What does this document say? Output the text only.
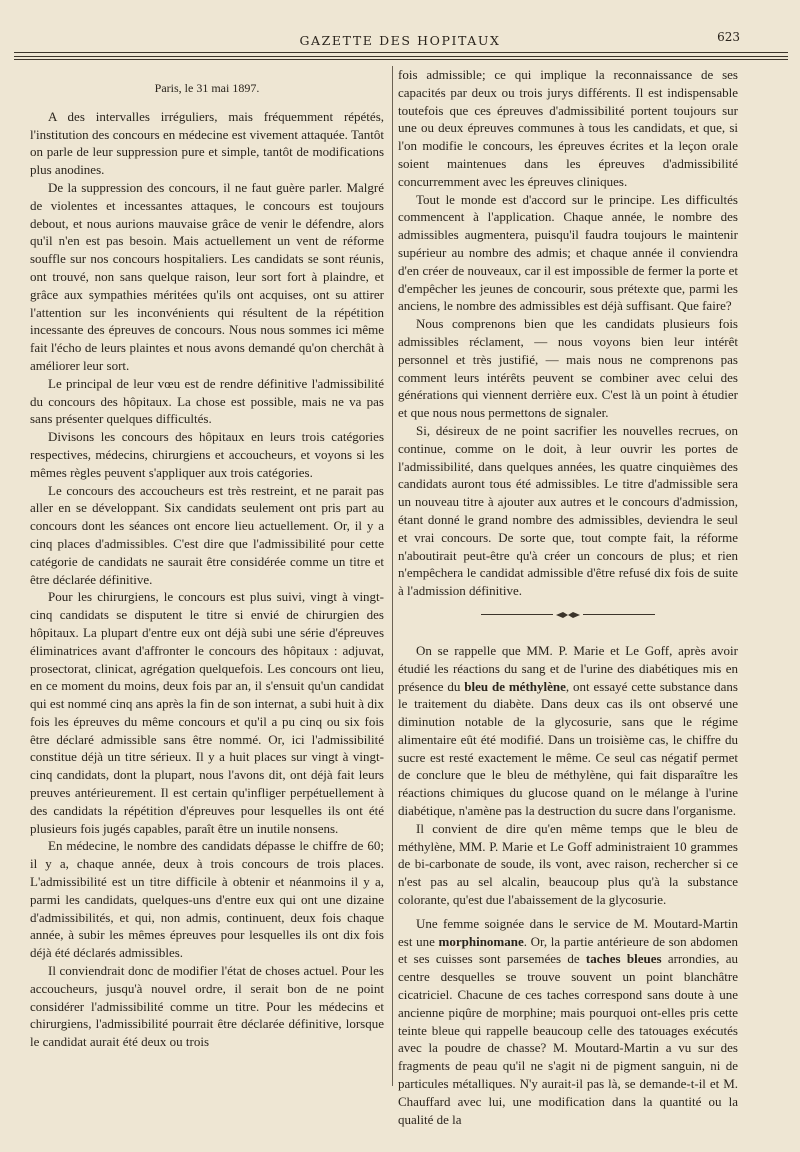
GAZETTE DES HOPITAUX	623

Paris, le 31 mai 1897.

A des intervalles irréguliers, mais fréquemment répétés, l'institution des concours en médecine est vivement attaquée. Tantôt on parle de leur suppression pure et simple, tantôt de modifications plus anodines.

De la suppression des concours, il ne faut guère parler. Malgré de violentes et incessantes attaques, le concours est toujours debout, et nous aurions mauvaise grâce de venir le défendre, alors qu'il n'en est pas besoin. Mais actuellement un vent de réforme souffle sur nos concours hospitaliers. Les candidats se sont réunis, ont trouvé, non sans quelque raison, leur sort fort à plaindre, et grâce aux sympathies méritées qu'ils ont acquises, ont su attirer l'attention sur les inconvénients qui résultent de la répétition incessante des épreuves de concours. Nous nous sommes ici même fait l'écho de leurs plaintes et nous avons demandé qu'on cherchât à améliorer leur sort.

Le principal de leur vœu est de rendre définitive l'admissibilité du concours des hôpitaux. La chose est possible, mais ne va pas sans présenter quelques difficultés.

Divisons les concours des hôpitaux en leurs trois catégories respectives, médecins, chirurgiens et accoucheurs, et voyons si les mêmes règles peuvent s'appliquer aux trois catégories.

Le concours des accoucheurs est très restreint, et ne parait pas aller en se développant. Six candidats seulement ont pris part au concours dont les séances ont encore lieu actuellement. Or, il y a cinq places d'admissibles. C'est dire que l'admissibilité pour cette catégorie de candidats ne saurait être considérée comme un titre et être déclarée définitive.

Pour les chirurgiens, le concours est plus suivi, vingt à vingt-cinq candidats se disputent le titre si envié de chirurgien des hôpitaux. La plupart d'entre eux ont déjà subi une série d'épreuves éliminatrices avant d'affronter le concours des hôpitaux : adjuvat, prosectorat, clinicat, agrégation quelquefois. Les concours ont lieu, en ce moment du moins, deux fois par an, il s'ensuit qu'un candidat qui est nommé cinq ans après la fin de son internat, a subi huit à dix fois les épreuves du même concours et qu'il a pu cinq ou six fois être déclaré admissible sans être nommé. Or, ici l'admissibilité constitue déjà un titre sérieux. Il y a huit places sur vingt à vingt-cinq candidats, dont la plupart, nous l'avons dit, ont déjà fait leurs preuves antérieurement. Il est certain qu'infliger perpétuellement à des candidats la répétition d'épreuves pour lesquelles ils ont été plusieurs fois jugés capables, paraît être un inutile nonsens.

En médecine, le nombre des candidats dépasse le chiffre de 60; il y a, chaque année, deux à trois concours de trois places. L'admissibilité est un titre difficile à obtenir et néanmoins il y a, parmi les candidats, quelques-uns d'entre eux qui ont une dizaine d'admissibilités, et qui, non admis, continuent, deux fois chaque année, à subir les mêmes épreuves pour lesquelles ils ont dix fois déjà été déclarés admissibles.

Il conviendrait donc de modifier l'état de choses actuel. Pour les accoucheurs, jusqu'à nouvel ordre, il serait bon de ne point considérer l'admissibilité comme un titre. Pour les médecins et chirurgiens, l'admissibilité pourrait être déclarée définitive, lorsque le candidat aurait été deux ou trois

fois admissible; ce qui implique la reconnaissance de ses capacités par deux ou trois jurys différents. Il est indispensable toutefois que ces épreuves d'admissibilité portent toujours sur une ou deux épreuves communes à tous les candidats, et que, si l'on modifie le concours, les épreuves écrites et la leçon orale soient maintenues dans les épreuves d'admissibilité concurremment avec les épreuves cliniques.

Tout le monde est d'accord sur le principe. Les difficultés commencent à l'application. Chaque année, le nombre des admissibles augmentera, puisqu'il faudra toujours le maintenir supérieur au nombre des admis; et chaque année il conviendra d'en créer de nouveaux, car il est impossible de fermer la porte et d'empêcher les jeunes de concourir, sous prétexte que, parmi les anciens, le nombre des admissibles est déjà suffisant. Que faire?

Nous comprenons bien que les candidats plusieurs fois admissibles réclament, — nous voyons bien leur intérêt personnel et très justifié, — mais nous ne comprenons pas comment leurs intérêts peuvent se combiner avec celui des générations qui viennent derrière eux. C'est là un point à étudier et que nous nous permettons de signaler.

Si, désireux de ne point sacrifier les nouvelles recrues, on continue, comme on le doit, à leur ouvrir les portes de l'admissibilité, dans quelques années, les quatre cinquièmes des candidats auront tous été admissibles. Le titre d'admissible sera un nouveau titre à ajouter aux autres et le concours d'admission, étant donné le grand nombre des admissibles, deviendra le seul et vrai concours. De sorte que, tout compte fait, la réforme n'aboutirait peut-être qu'à créer un concours de plus; et rien n'empêchera le candidat admissible d'être refusé dix fois de suite à l'admission définitive.

On se rappelle que MM. P. Marie et Le Goff, après avoir étudié les réactions du sang et de l'urine des diabétiques mis en présence du bleu de méthylène, ont essayé cette substance dans le traitement du diabète. Dans deux cas ils ont observé une diminution notable de la glycosurie, sans que le régime alimentaire eût été modifié. Dans un troisième cas, le chiffre du sucre est resté exactement le même. Ce seul cas négatif permet de conclure que le bleu de méthylène, qui fait disparaître les réactions chimiques du glucose quand on le mélange à l'urine diabétique, n'amène pas la destruction du sucre dans l'organisme.

Il convient de dire qu'en même temps que le bleu de méthylène, MM. P. Marie et Le Goff administraient 10 grammes de bi-carbonate de soude, ils vont, avec raison, rechercher si ce n'est pas au sel alcalin, beaucoup plus qu'à la substance colorante, qu'est due l'abaissement de la glycosurie.

Une femme soignée dans le service de M. Moutard-Martin est une morphinomane. Or, la partie antérieure de son abdomen et ses cuisses sont parsemées de taches bleues arrondies, au centre desquelles se trouve souvent un point blanchâtre cicatriciel. Chacune de ces taches correspond sans doute à une ancienne piqûre de morphine; mais pourquoi ont-elles pris cette teinte bleue qui rappelle beaucoup celle des tatouages exécutés avec la poudre de chasse? M. Moutard-Martin a vu sur des fragments de peau qu'il ne s'agit ni de pigment sanguin, ni de particules métalliques. N'y aurait-il pas là, se demande-t-il et M. Chauffard avec lui, une modification dans la quantité ou la qualité de la
